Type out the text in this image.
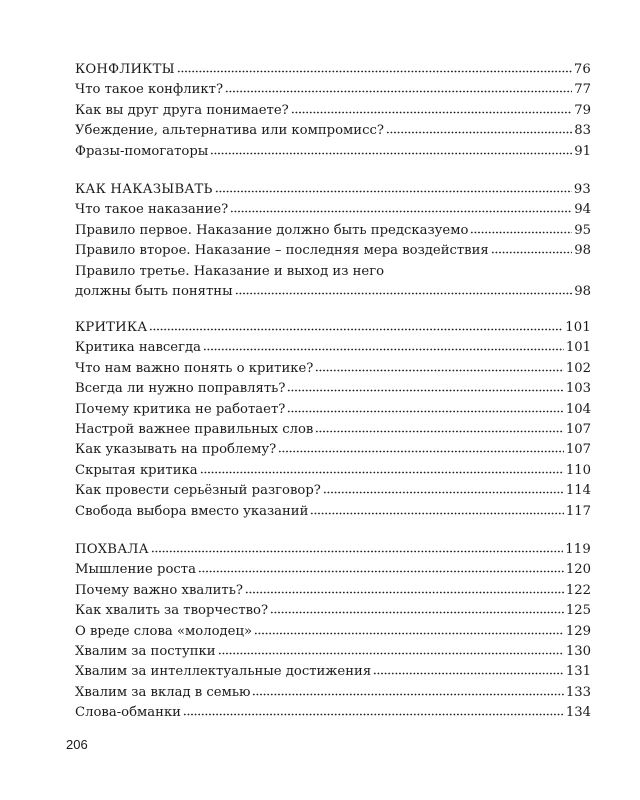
КОНФЛИКТЫ	76
Что такое конфликт?	77
Как вы друг друга понимаете?	79
Убеждение, альтернатива или компромисс?	83
Фразы-помогаторы	91
КАК НАКАЗЫВАТЬ	93
Что такое наказание?	94
Правило первое. Наказание должно быть предсказуемо	95
Правило второе. Наказание – последняя мера воздействия	98
Правило третье. Наказание и выход из него
должны быть понятны	98
КРИТИКА	101
Критика навсегда	101
Что нам важно понять о критике?	102
Всегда ли нужно поправлять?	103
Почему критика не работает?	104
Настрой важнее правильных слов	107
Как указывать на проблему?	107
Скрытая критика	110
Как провести серьёзный разговор?	114
Свобода выбора вместо указаний	117
ПОХВАЛА	119
Мышление роста	120
Почему важно хвалить?	122
Как хвалить за творчество?	125
О вреде слова «молодец»	129
Хвалим за поступки	130
Хвалим за интеллектуальные достижения	131
Хвалим за вклад в семью	133
Слова-обманки	134
206
